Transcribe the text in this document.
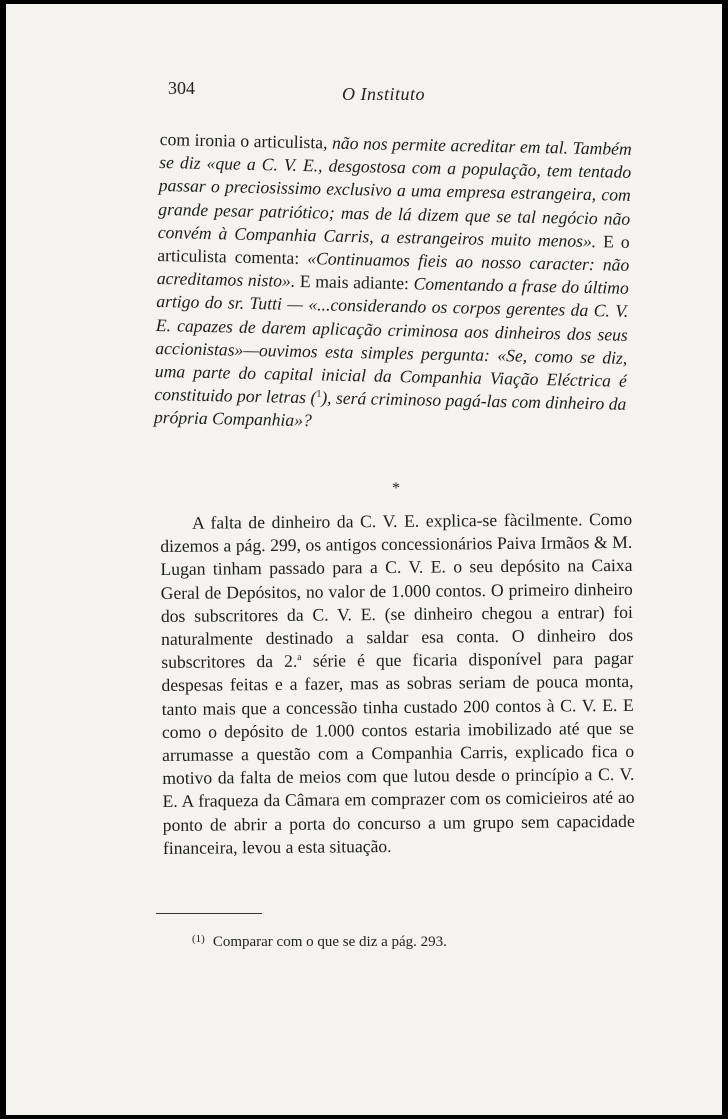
304	O Instituto

com ironia o articulista, não nos permite acreditar em tal. Também se diz «que a C. V. E., desgostosa com a população, tem tentado passar o preciosissimo exclusivo a uma empresa estrangeira, com grande pesar patriótico; mas de lá dizem que se tal negócio não convém à Companhia Carris, a estrangeiros muito menos». E o articulista comenta: «Continuamos fieis ao nosso caracter: não acreditamos nisto». E mais adiante: Comentando a frase do último artigo do sr. Tutti — «...considerando os corpos gerentes da C. V. E. capazes de darem aplicação criminosa aos dinheiros dos seus accionistas»—ouvimos esta simples pergunta: «Se, como se diz, uma parte do capital inicial da Companhia Viação Eléctrica é constituido por letras ($^1$), será criminoso pagá-las com dinheiro da própria Companhia»?

*

A falta de dinheiro da C. V. E. explica-se fàcilmente. Como dizemos a pág. 299, os antigos concessionários Paiva Irmãos & M. Lugan tinham passado para a C. V. E. o seu depósito na Caixa Geral de Depósitos, no valor de 1.000 contos. O primeiro dinheiro dos subscritores da C. V. E. (se dinheiro chegou a entrar) foi naturalmente destinado a saldar esa conta. O dinheiro dos subscritores da 2.$^a$ série é que ficaria disponível para pagar despesas feitas e a fazer, mas as sobras seriam de pouca monta, tanto mais que a concessão tinha custado 200 contos à C. V. E. E como o depósito de 1.000 contos estaria imobilizado até que se arrumasse a questão com a Companhia Carris, explicado fica o motivo da falta de meios com que lutou desde o princípio a C. V. E. A fraqueza da Câmara em comprazer com os comicieiros até ao ponto de abrir a porta do concurso a um grupo sem capacidade financeira, levou a esta situação.

$^{(1)}$ Comparar com o que se diz a pág. 293.
